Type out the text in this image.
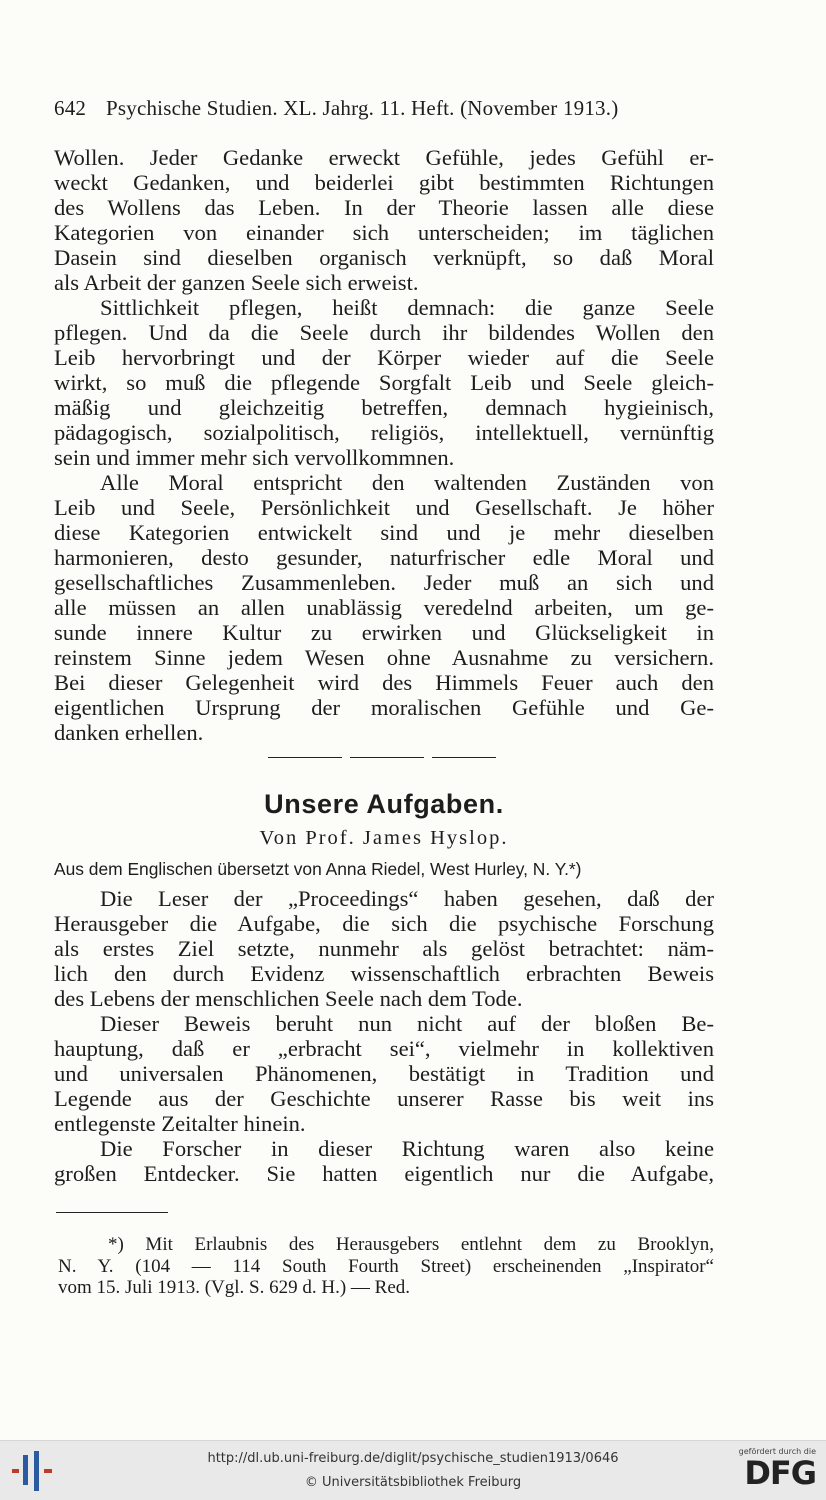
642 Psychische Studien. XL. Jahrg. 11. Heft. (November 1913.)
Wollen. Jeder Gedanke erweckt Gefühle, jedes Gefühl er-
weckt Gedanken, und beiderlei gibt bestimmten Richtungen
des Wollens das Leben. In der Theorie lassen alle diese
Kategorien von einander sich unterscheiden; im täglichen
Dasein sind dieselben organisch verknüpft, so daß Moral
als Arbeit der ganzen Seele sich erweist.
Sittlichkeit pflegen, heißt demnach: die ganze Seele
pflegen. Und da die Seele durch ihr bildendes Wollen den
Leib hervorbringt und der Körper wieder auf die Seele
wirkt, so muß die pflegende Sorgfalt Leib und Seele gleich-
mäßig und gleichzeitig betreffen, demnach hygieinisch,
pädagogisch, sozialpolitisch, religiös, intellektuell, vernünftig
sein und immer mehr sich vervollkommnen.
Alle Moral entspricht den waltenden Zuständen von
Leib und Seele, Persönlichkeit und Gesellschaft. Je höher
diese Kategorien entwickelt sind und je mehr dieselben
harmonieren, desto gesunder, naturfrischer edle Moral und
gesellschaftliches Zusammenleben. Jeder muß an sich und
alle müssen an allen unablässig veredelnd arbeiten, um ge-
sunde innere Kultur zu erwirken und Glückseligkeit in
reinstem Sinne jedem Wesen ohne Ausnahme zu versichern.
Bei dieser Gelegenheit wird des Himmels Feuer auch den
eigentlichen Ursprung der moralischen Gefühle und Ge-
danken erhellen.
Unsere Aufgaben.
Von Prof. James Hyslop.
Aus dem Englischen übersetzt von Anna Riedel, West Hurley, N. Y.*)
Die Leser der „Proceedings“ haben gesehen, daß der
Herausgeber die Aufgabe, die sich die psychische Forschung
als erstes Ziel setzte, nunmehr als gelöst betrachtet: näm-
lich den durch Evidenz wissenschaftlich erbrachten Beweis
des Lebens der menschlichen Seele nach dem Tode.
Dieser Beweis beruht nun nicht auf der bloßen Be-
hauptung, daß er „erbracht sei“, vielmehr in kollektiven
und universalen Phänomenen, bestätigt in Tradition und
Legende aus der Geschichte unserer Rasse bis weit ins
entlegenste Zeitalter hinein.
Die Forscher in dieser Richtung waren also keine
großen Entdecker. Sie hatten eigentlich nur die Aufgabe,
*) Mit Erlaubnis des Herausgebers entlehnt dem zu Brooklyn,
N. Y. (104 — 114 South Fourth Street) erscheinenden „Inspirator“
vom 15. Juli 1913. (Vgl. S. 629 d. H.) — Red.
http://dl.ub.uni-freiburg.de/diglit/psychische_studien1913/0646
© Universitätsbibliothek Freiburg
gefördert durch die
DFG
